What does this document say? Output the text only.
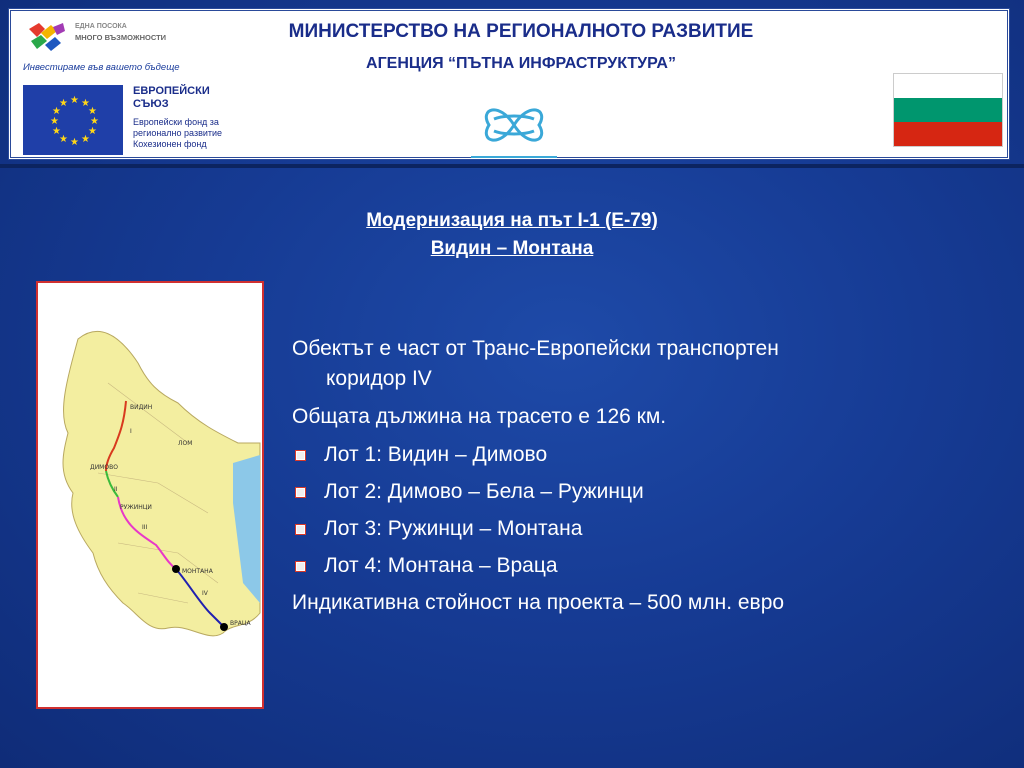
ЕДНА ПОСОКА
МНОГО ВЪЗМОЖНОСТИ
Инвестираме във вашето бъдеще
★ ★
★
★
★
★
★
★
★
★
★
★
ЕВРОПЕЙСКИ
СЪЮЗ
Европейски фонд за
регионално развитие
Кохезионен фонд
МИНИСТЕРСТВО НА РЕГИОНАЛНОТО РАЗВИТИЕ
АГЕНЦИЯ “ПЪТНА ИНФРАСТРУКТУРА”
Модернизация на път I-1 (Е-79)
Видин – Монтана
ВИДИН
ДИМОВО
РУЖИНЦИ
МОНТАНА
ВРАЦА
ЛОМ
I
II
III
IV
Обектът е част от Транс-Европейски транспортен
коридор IV
Общата дължина на трасето е 126 км.
Лот 1: Видин – Димово
Лот 2: Димово – Бела – Ружинци
Лот 3: Ружинци – Монтана
Лот 4: Монтана – Враца
Индикативна стойност на проекта – 500 млн. евро
